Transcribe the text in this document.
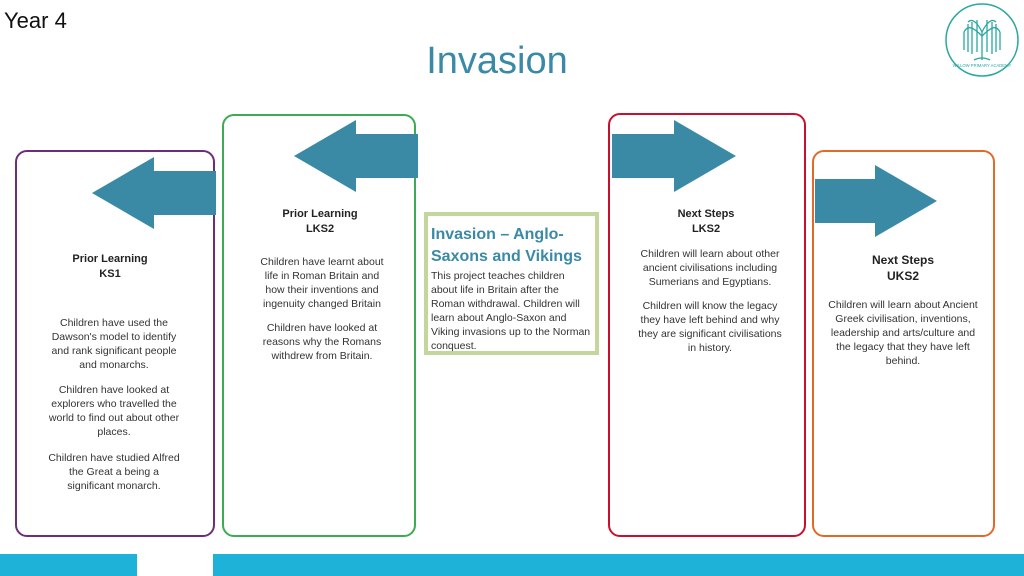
Year 4
Invasion	WILLOW PRIMARY ACADEMY
Prior Learning
KS1
Children have used the Dawson's model to identify and rank significant people and monarchs.
Children have looked at explorers who travelled the world to find out about other places.
Children have studied Alfred the Great a being a significant monarch.
Prior Learning
LKS2
Children have learnt about life in Roman Britain and how their inventions and ingenuity changed Britain
Children have looked at reasons why the Romans withdrew from Britain.
Invasion – Anglo-Saxons and Vikings
This project teaches children about life in Britain after the Roman withdrawal. Children will learn about Anglo-Saxon and Viking invasions up to the Norman conquest.
Next Steps
LKS2
Children will learn about other ancient civilisations including Sumerians and Egyptians.
Children will know the legacy they have left behind and why they are significant civilisations in history.
Next Steps
UKS2
Children will learn about Ancient Greek civilisation, inventions, leadership and arts/culture and the legacy that they have left behind.
